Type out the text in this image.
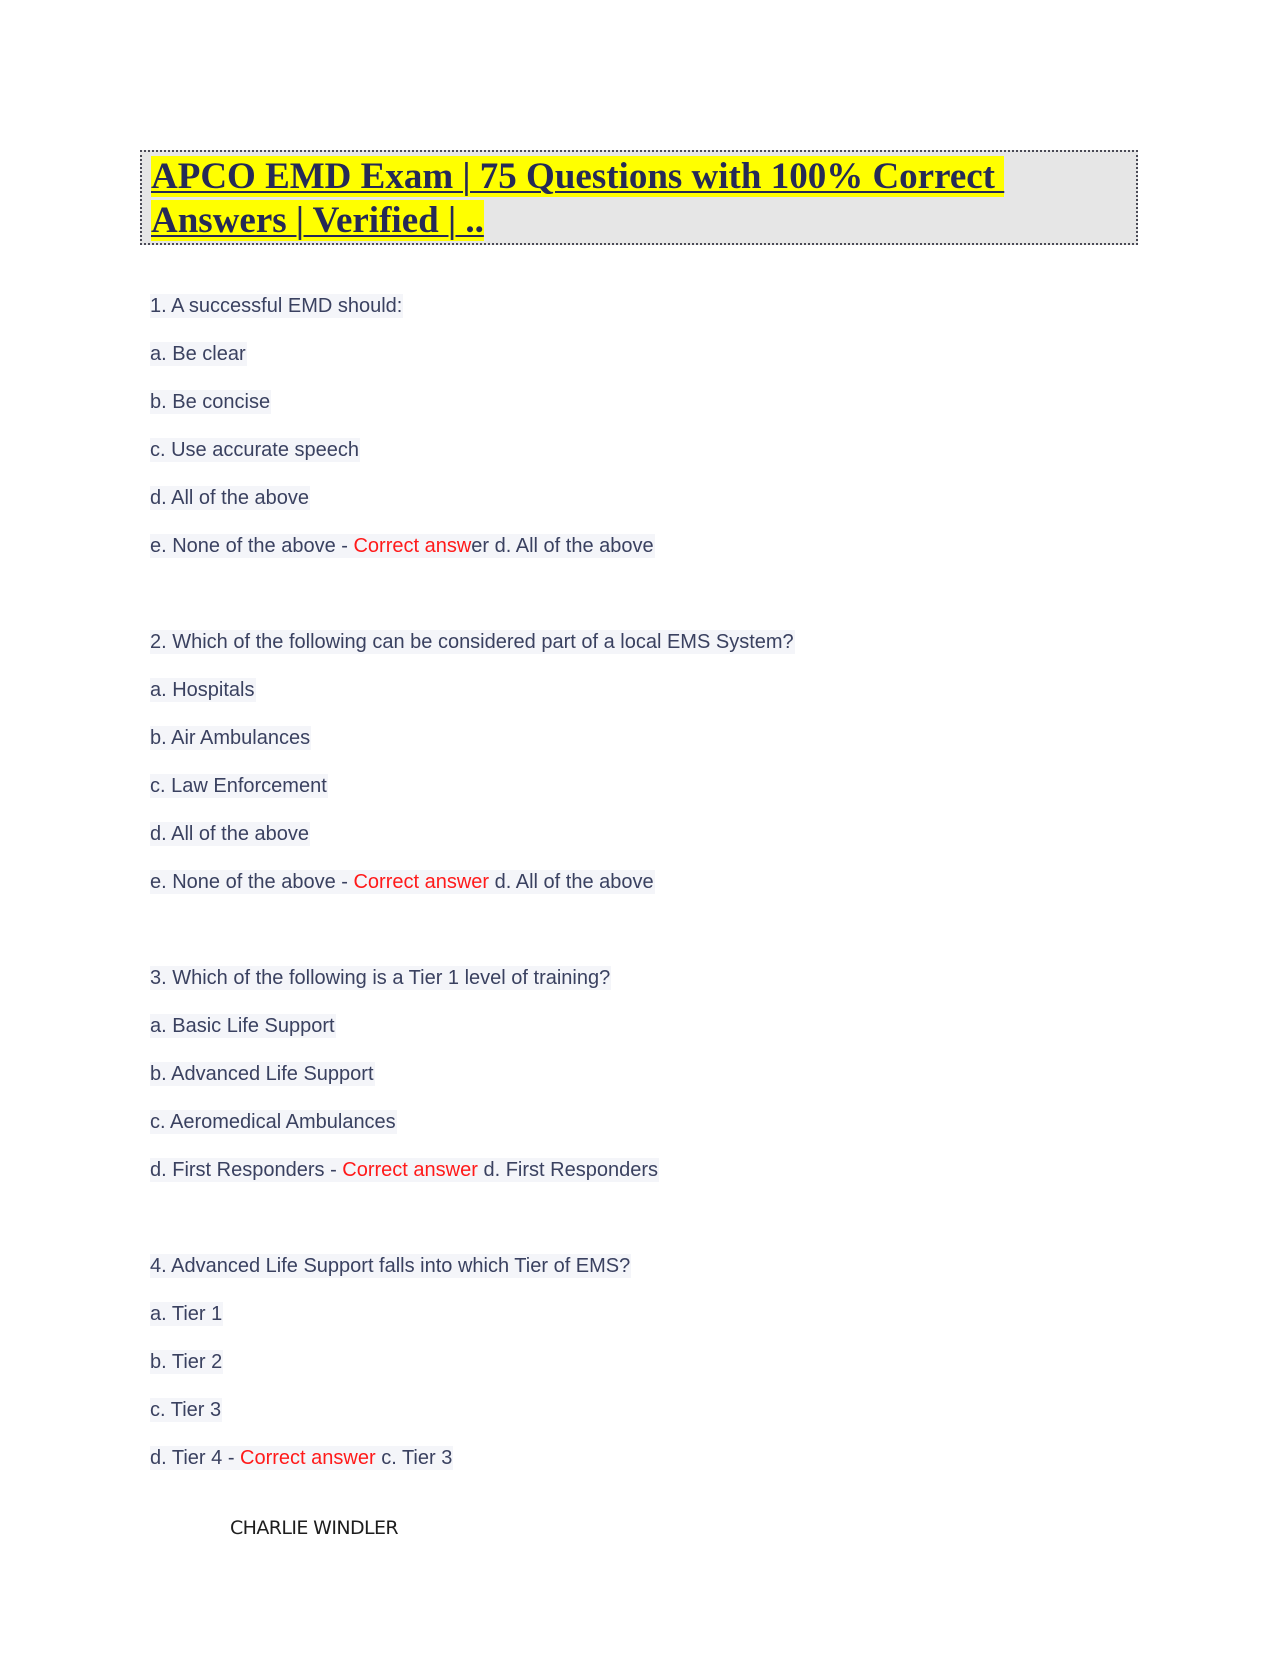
APCO EMD Exam | 75 Questions with 100% Correct
Answers | Verified | ..
1. A successful EMD should:
a. Be clear
b. Be concise
c. Use accurate speech
d. All of the above
e. None of the above - Correct answer d. All of the above
2. Which of the following can be considered part of a local EMS System?
a. Hospitals
b. Air Ambulances
c. Law Enforcement
d. All of the above
e. None of the above - Correct answer d. All of the above
3. Which of the following is a Tier 1 level of training?
a. Basic Life Support
b. Advanced Life Support
c. Aeromedical Ambulances
d. First Responders - Correct answer d. First Responders
4. Advanced Life Support falls into which Tier of EMS?
a. Tier 1
b. Tier 2
c. Tier 3
d. Tier 4 - Correct answer c. Tier 3
CHARLIE WINDLER
